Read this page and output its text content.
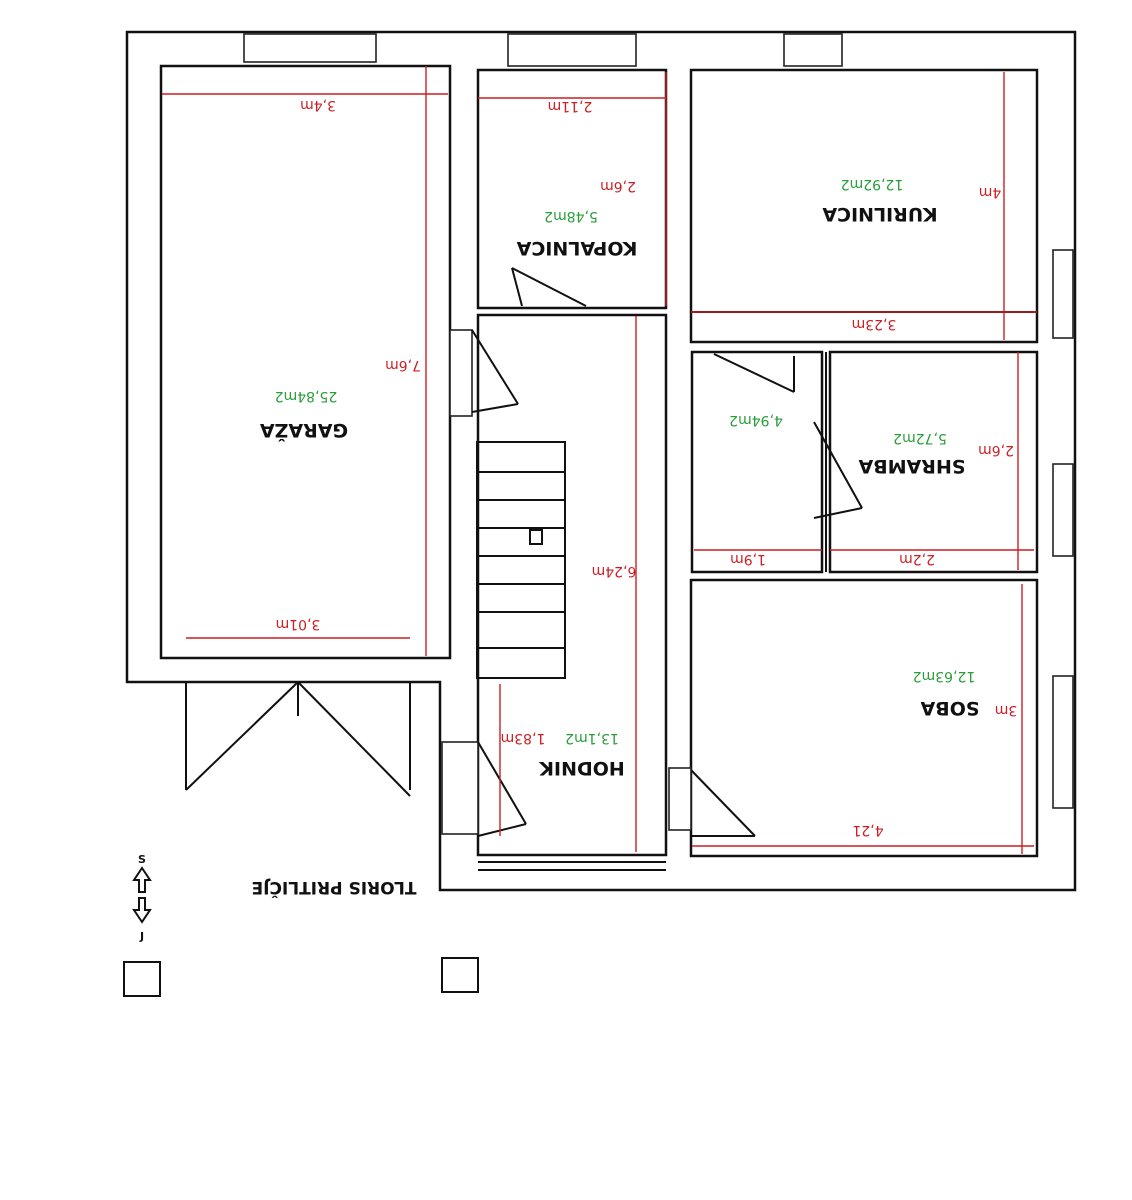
S
J
GARAŽA
25,84m2
KOPALNICA
5,48m2	KURILNICA
12,92m2
SHRAMBA
5,72m2
4,94m2
HODNIK
13,1m2
SOBA
12,63m2
3,4m
7,6m
3,01m
2,11m
2,6m	4m
3,23m
2,6m
2,2m
1,9m
6,24m
1,83m
3m
4,21
TLORIS PRITLIČJE
